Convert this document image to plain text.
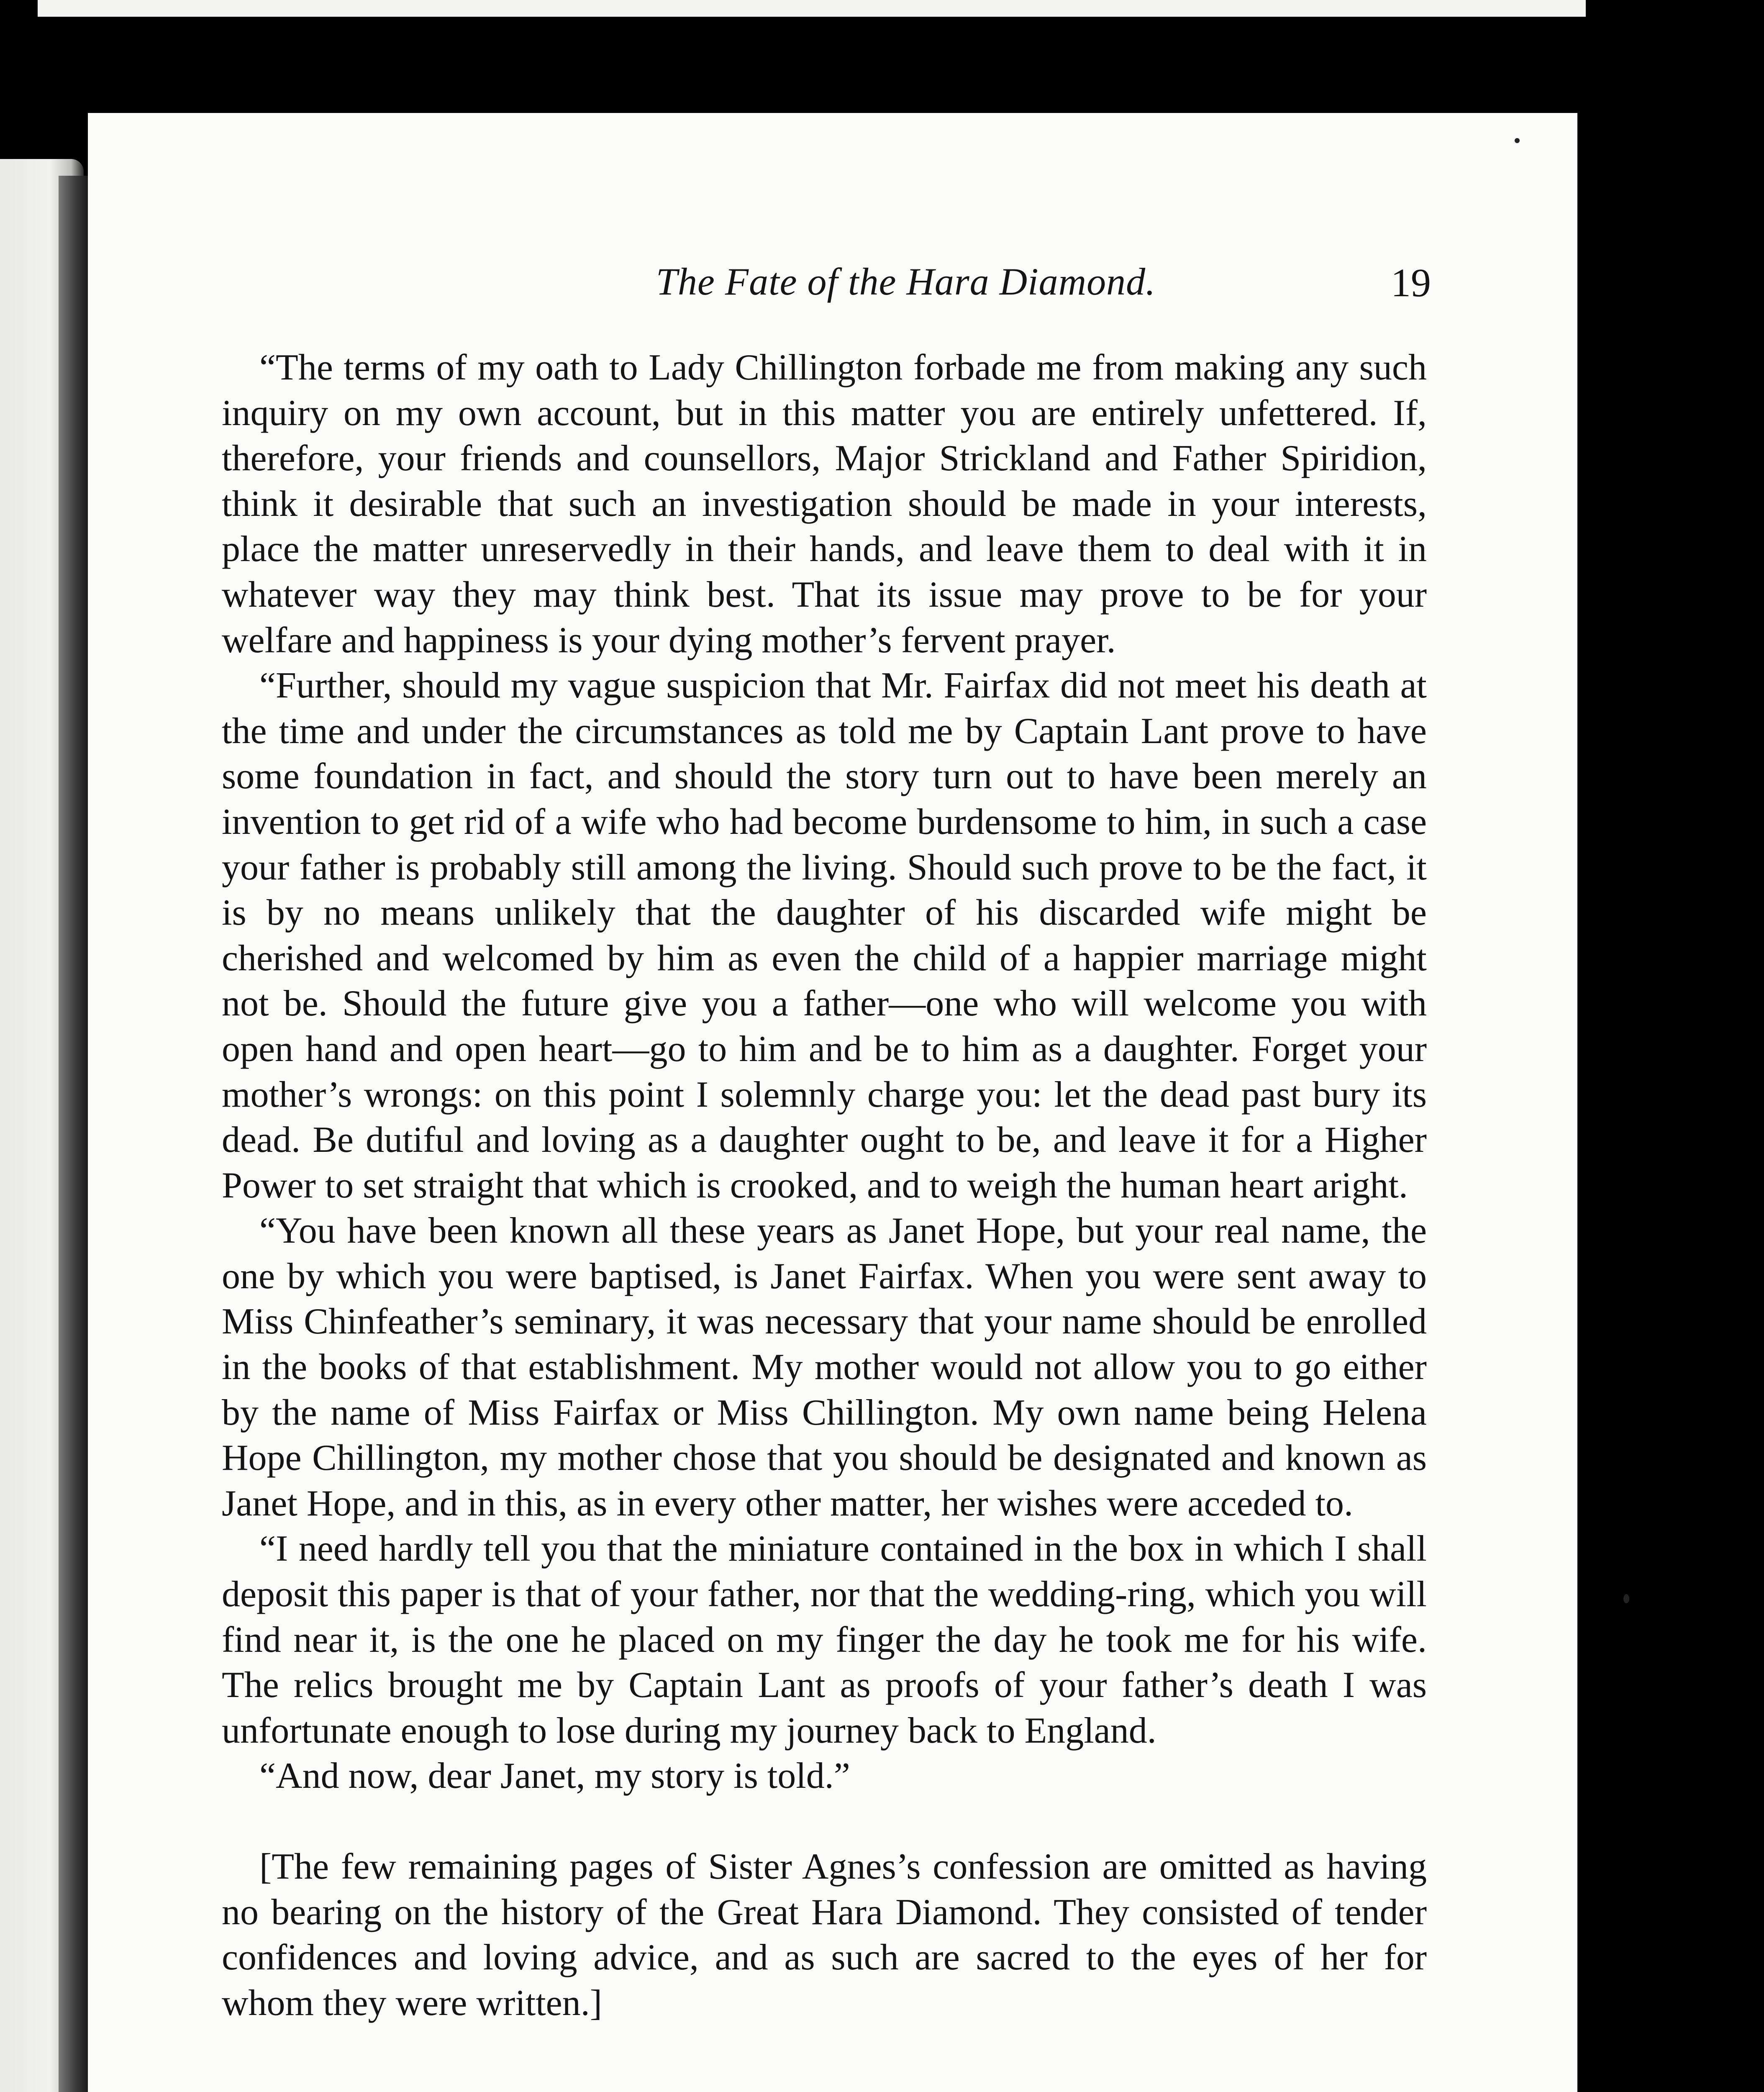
The Fate of the Hara Diamond.	19

“The terms of my oath to Lady Chillington forbade me from making any such inquiry on my own account, but in this matter you are entirely unfettered. If, therefore, your friends and counsellors, Major Strickland and Father Spiridion, think it desirable that such an investigation should be made in your interests, place the matter unreservedly in their hands, and leave them to deal with it in whatever way they may think best. That its issue may prove to be for your welfare and happiness is your dying mother’s fervent prayer.

“Further, should my vague suspicion that Mr. Fairfax did not meet his death at the time and under the circumstances as told me by Captain Lant prove to have some foundation in fact, and should the story turn out to have been merely an invention to get rid of a wife who had become burdensome to him, in such a case your father is probably still among the living. Should such prove to be the fact, it is by no means unlikely that the daughter of his discarded wife might be cherished and welcomed by him as even the child of a happier marriage might not be. Should the future give you a father—one who will welcome you with open hand and open heart—go to him and be to him as a daughter. Forget your mother’s wrongs: on this point I solemnly charge you: let the dead past bury its dead. Be dutiful and loving as a daughter ought to be, and leave it for a Higher Power to set straight that which is crooked, and to weigh the human heart aright.

“You have been known all these years as Janet Hope, but your real name, the one by which you were baptised, is Janet Fairfax. When you were sent away to Miss Chinfeather’s seminary, it was necessary that your name should be enrolled in the books of that establishment. My mother would not allow you to go either by the name of Miss Fairfax or Miss Chillington. My own name being Helena Hope Chillington, my mother chose that you should be designated and known as Janet Hope, and in this, as in every other matter, her wishes were acceded to.

“I need hardly tell you that the miniature contained in the box in which I shall deposit this paper is that of your father, nor that the wedding-ring, which you will find near it, is the one he placed on my finger the day he took me for his wife. The relics brought me by Captain Lant as proofs of your father’s death I was unfortunate enough to lose during my journey back to England.

“And now, dear Janet, my story is told.”

[The few remaining pages of Sister Agnes’s confession are omitted as having no bearing on the history of the Great Hara Diamond. They consisted of tender confidences and loving advice, and as such are sacred to the eyes of her for whom they were written.]
